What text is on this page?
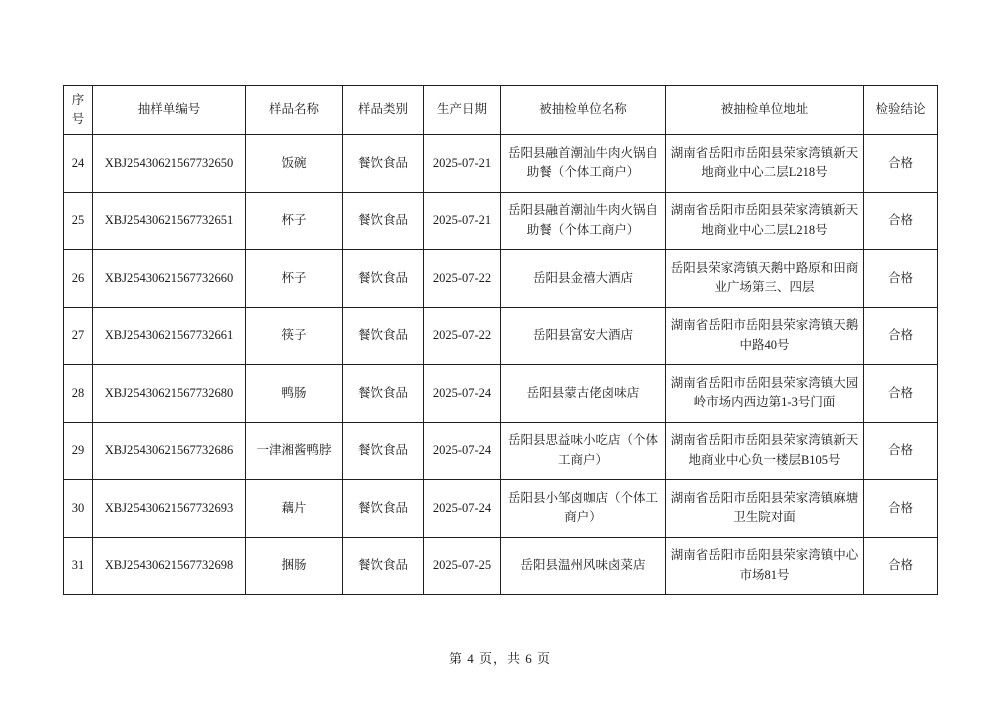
序号	抽样单编号	样品名称	样品类别	生产日期	被抽检单位名称	被抽检单位地址	检验结论
24	XBJ25430621567732650	饭碗	餐饮食品	2025-07-21	岳阳县融首潮汕牛肉火锅自助餐（个体工商户）	湖南省岳阳市岳阳县荣家湾镇新天地商业中心二层L218号	合格
25	XBJ25430621567732651	杯子	餐饮食品	2025-07-21	岳阳县融首潮汕牛肉火锅自助餐（个体工商户）	湖南省岳阳市岳阳县荣家湾镇新天地商业中心二层L218号	合格
26	XBJ25430621567732660	杯子	餐饮食品	2025-07-22	岳阳县金禧大酒店	岳阳县荣家湾镇天鹅中路原和田商业广场第三、四层	合格
27	XBJ25430621567732661	筷子	餐饮食品	2025-07-22	岳阳县富安大酒店	湖南省岳阳市岳阳县荣家湾镇天鹅中路40号	合格
28	XBJ25430621567732680	鸭肠	餐饮食品	2025-07-24	岳阳县蒙古佬卤味店	湖南省岳阳市岳阳县荣家湾镇大园岭市场内西边第1-3号门面	合格
29	XBJ25430621567732686	一津湘酱鸭脖	餐饮食品	2025-07-24	岳阳县思益味小吃店（个体工商户）	湖南省岳阳市岳阳县荣家湾镇新天地商业中心负一楼层B105号	合格
30	XBJ25430621567732693	藕片	餐饮食品	2025-07-24	岳阳县小邹卤咖店（个体工商户）	湖南省岳阳市岳阳县荣家湾镇麻塘卫生院对面	合格
31	XBJ25430621567732698	捆肠	餐饮食品	2025-07-25	岳阳县温州风味卤菜店	湖南省岳阳市岳阳县荣家湾镇中心市场81号	合格
第 4 页，共 6 页
